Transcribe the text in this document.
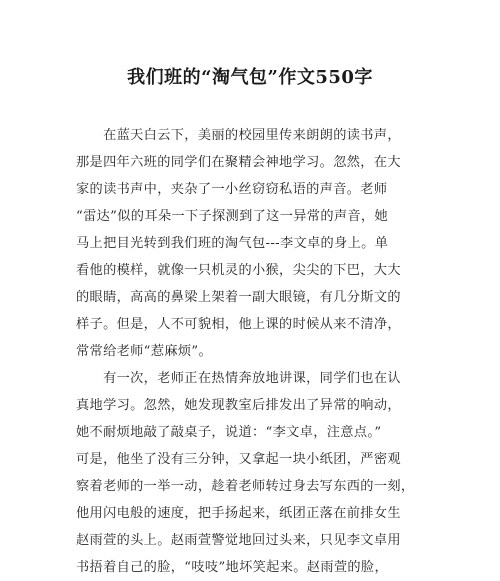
我们班的“淘气包”作文550字
　　在蓝天白云下，美丽的校园里传来朗朗的读书声，
那是四年六班的同学们在聚精会神地学习。忽然，在大
家的读书声中，夹杂了一小丝窃窃私语的声音。老师
“雷达”似的耳朵一下子探测到了这一异常的声音，她
马上把目光转到我们班的淘气包---李文卓的身上。单
看他的模样，就像一只机灵的小猴，尖尖的下巴，大大
的眼睛，高高的鼻梁上架着一副大眼镜，有几分斯文的
样子。但是，人不可貌相，他上课的时候从来不清净，
常常给老师“惹麻烦”。
　　有一次，老师正在热情奔放地讲课，同学们也在认
真地学习。忽然，她发现教室后排发出了异常的响动，
她不耐烦地敲了敲桌子，说道：“李文卓，注意点。”
可是，他坐了没有三分钟，又拿起一块小纸团，严密观
察着老师的一举一动，趁着老师转过身去写东西的一刻，
他用闪电般的速度，把手扬起来，纸团正落在前排女生
赵雨萱的头上。赵雨萱警觉地回过头来，只见李文卓用
书捂着自己的脸，“吱吱”地坏笑起来。赵雨萱的脸，
